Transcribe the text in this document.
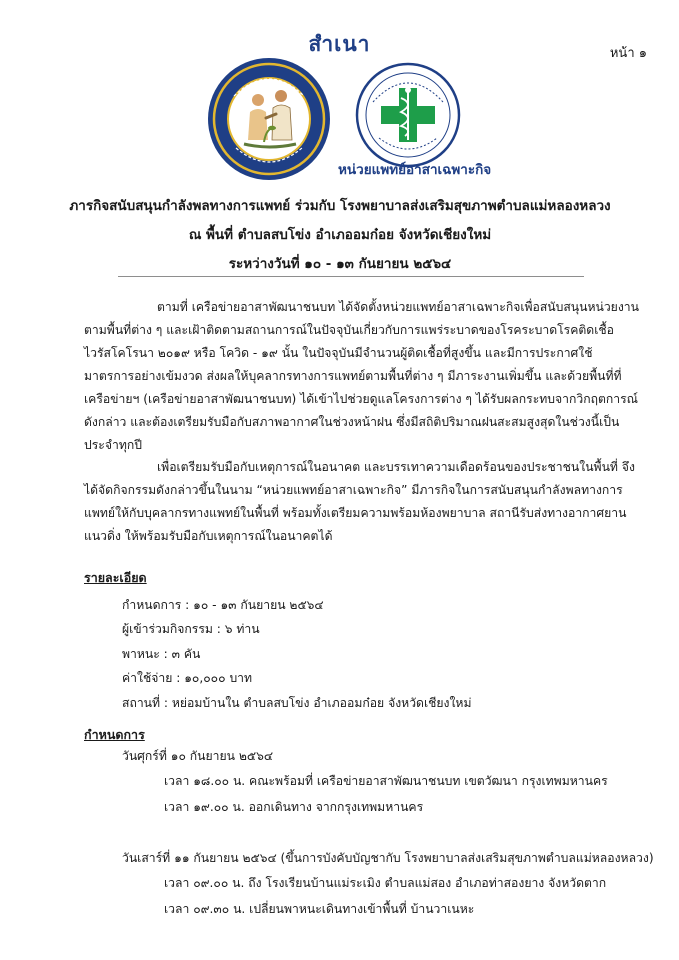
สำเนา	หน้า ๑
หน่วยแพทย์อาสาเฉพาะกิจ
ภารกิจสนับสนุนกำลังพลทางการแพทย์ ร่วมกับ โรงพยาบาลส่งเสริมสุขภาพตำบลแม่หลองหลวง
ณ พื้นที่ ตำบลสบโข่ง อำเภออมก๋อย จังหวัดเชียงใหม่
ระหว่างวันที่ ๑๐ - ๑๓ กันยายน ๒๕๖๔

ตามที่ เครือข่ายอาสาพัฒนาชนบท ได้จัดตั้งหน่วยแพทย์อาสาเฉพาะกิจเพื่อสนับสนุนหน่วยงานตามพื้นที่ต่าง ๆ และเฝ้าติดตามสถานการณ์ในปัจจุบันเกี่ยวกับการแพร่ระบาดของโรคระบาดโรคติดเชื้อไวรัสโคโรนา ๒๐๑๙ หรือ โควิด - ๑๙ นั้น ในปัจจุบันมีจำนวนผู้ติดเชื้อที่สูงขึ้น และมีการประกาศใช้มาตรการอย่างเข้มงวด ส่งผลให้บุคลากรทางการแพทย์ตามพื้นที่ต่าง ๆ มีภาระงานเพิ่มขึ้น และด้วยพื้นที่ที่เครือข่ายฯ (เครือข่ายอาสาพัฒนาชนบท) ได้เข้าไปช่วยดูแลโครงการต่าง ๆ ได้รับผลกระทบจากวิกฤตการณ์ดังกล่าว และต้องเตรียมรับมือกับสภาพอากาศในช่วงหน้าฝน ซึ่งมีสถิติปริมาณฝนสะสมสูงสุดในช่วงนี้เป็นประจำทุกปี

เพื่อเตรียมรับมือกับเหตุการณ์ในอนาคต และบรรเทาความเดือดร้อนของประชาชนในพื้นที่ จึงได้จัดกิจกรรมดังกล่าวขึ้นในนาม “หน่วยแพทย์อาสาเฉพาะกิจ” มีภารกิจในการสนับสนุนกำลังพลทางการแพทย์ให้กับบุคลากรทางแพทย์ในพื้นที่ พร้อมทั้งเตรียมความพร้อมห้องพยาบาล สถานีรับส่งทางอากาศยานแนวดิ่ง ให้พร้อมรับมือกับเหตุการณ์ในอนาคตได้

รายละเอียด
กำหนดการ : ๑๐ - ๑๓ กันยายน ๒๕๖๔
ผู้เข้าร่วมกิจกรรม : ๖ ท่าน
พาหนะ : ๓ คัน
ค่าใช้จ่าย : ๑๐,๐๐๐ บาท
สถานที่ : หย่อมบ้านใน ตำบลสบโข่ง อำเภออมก๋อย จังหวัดเชียงใหม่
กำหนดการ
วันศุกร์ที่ ๑๐ กันยายน ๒๕๖๔
เวลา ๑๘.๐๐ น. คณะพร้อมที่ เครือข่ายอาสาพัฒนาชนบท เขตวัฒนา กรุงเทพมหานคร
เวลา ๑๙.๐๐ น. ออกเดินทาง จากกรุงเทพมหานคร
วันเสาร์ที่ ๑๑ กันยายน ๒๕๖๔ (ขึ้นการบังคับบัญชากับ โรงพยาบาลส่งเสริมสุขภาพตำบลแม่หลองหลวง)
เวลา ๐๙.๐๐ น. ถึง โรงเรียนบ้านแม่ระเมิง ตำบลแม่สอง อำเภอท่าสองยาง จังหวัดตาก
เวลา ๐๙.๓๐ น. เปลี่ยนพาหนะเดินทางเข้าพื้นที่ บ้านวาเนหะ
